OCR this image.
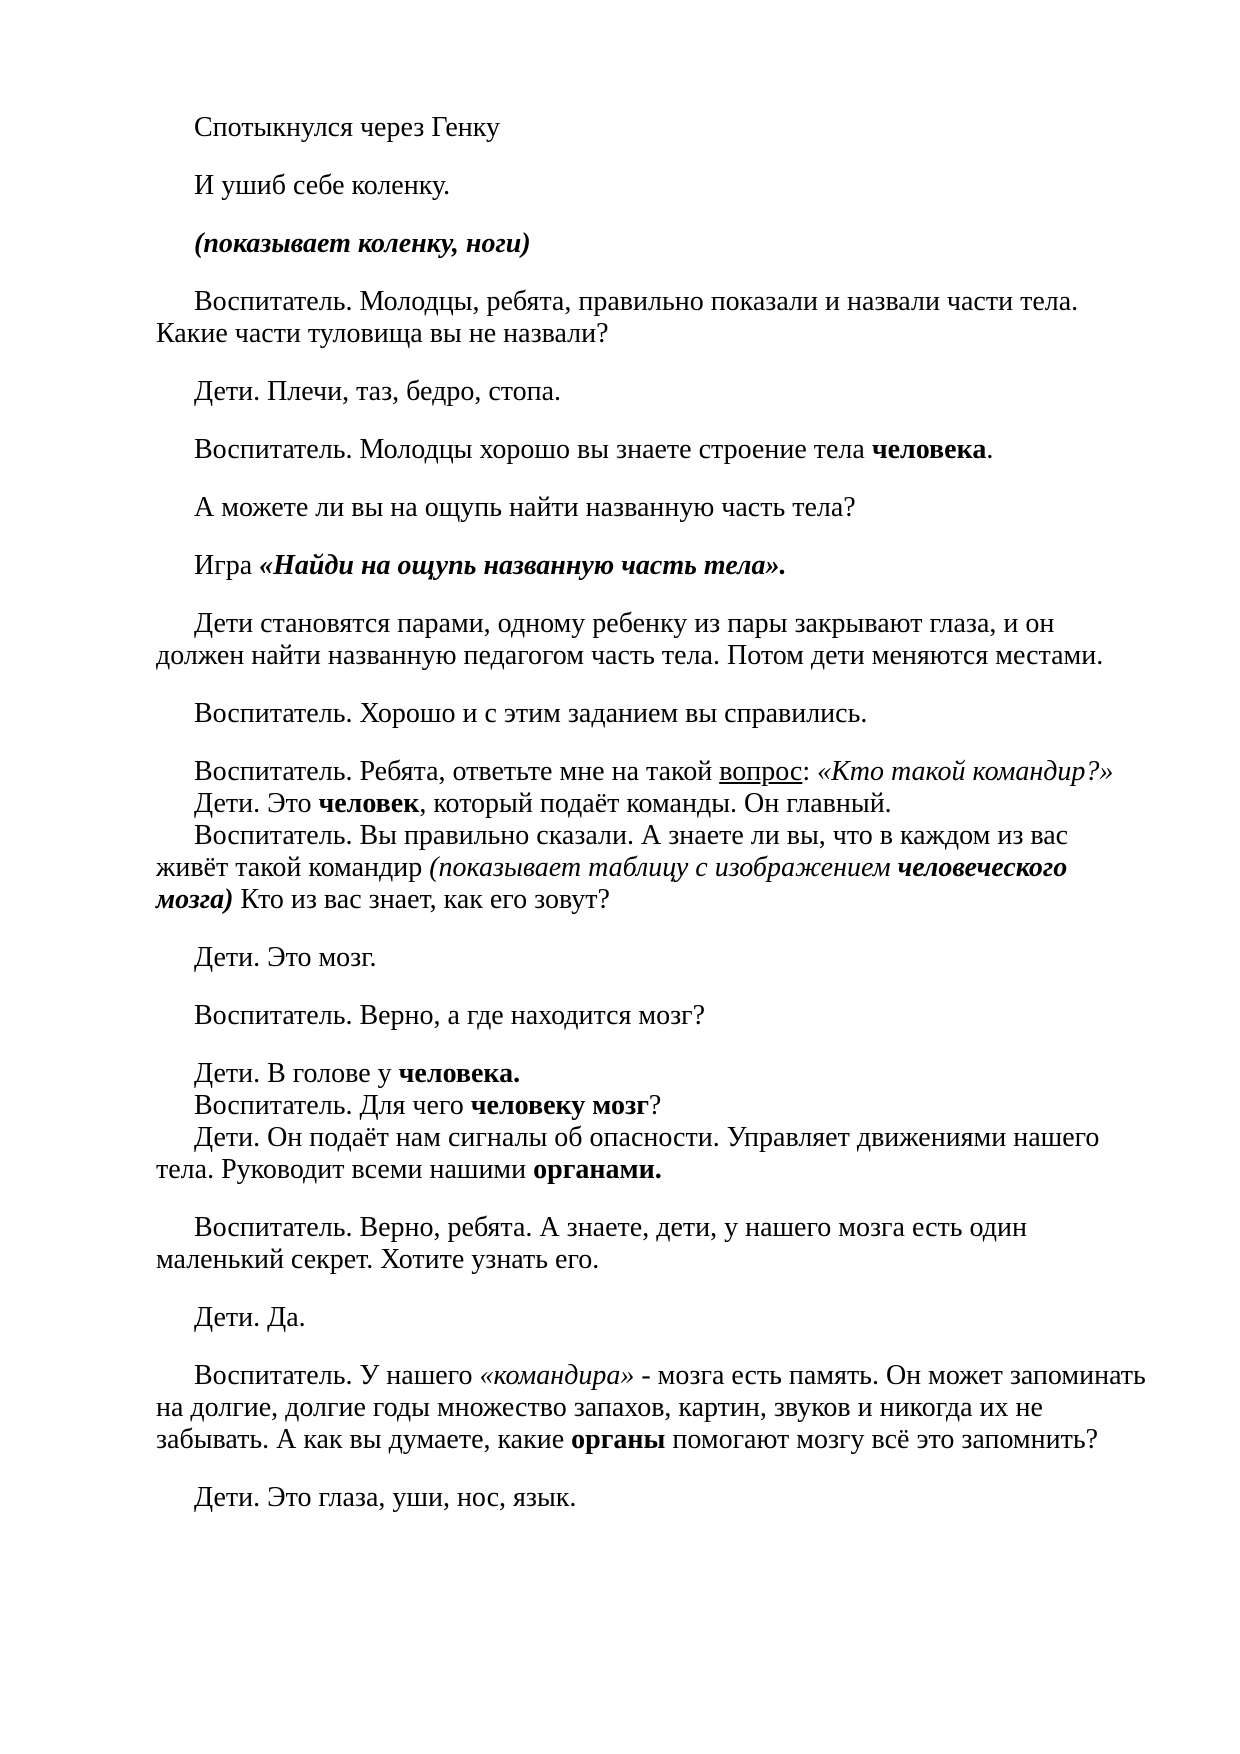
Спотыкнулся через Генку

И ушиб себе коленку.

(показывает коленку, ноги)

Воспитатель. Молодцы, ребята, правильно показали и назвали части тела. Какие части туловища вы не назвали?

Дети. Плечи, таз, бедро, стопа.

Воспитатель. Молодцы хорошо вы знаете строение тела человека.

А можете ли вы на ощупь найти названную часть тела?

Игра «Найди на ощупь названную часть тела».

Дети становятся парами, одному ребенку из пары закрывают глаза, и он должен найти названную педагогом часть тела. Потом дети меняются местами.

Воспитатель. Хорошо и с этим заданием вы справились.

Воспитатель. Ребята, ответьте мне на такой вопрос: «Кто такой командир?»

Дети. Это человек, который подаёт команды. Он главный.

Воспитатель. Вы правильно сказали. А знаете ли вы, что в каждом из вас живёт такой командир (показывает таблицу с изображением человеческого мозга) Кто из вас знает, как его зовут?

Дети. Это мозг.

Воспитатель. Верно, а где находится мозг?

Дети. В голове у человека.

Воспитатель. Для чего человеку мозг?

Дети. Он подаёт нам сигналы об опасности. Управляет движениями нашего тела. Руководит всеми нашими органами.

Воспитатель. Верно, ребята. А знаете, дети, у нашего мозга есть один маленький секрет. Хотите узнать его.

Дети. Да.

Воспитатель. У нашего «командира» - мозга есть память. Он может запоминать на долгие, долгие годы множество запахов, картин, звуков и никогда их не забывать. А как вы думаете, какие органы помогают мозгу всё это запомнить?

Дети. Это глаза, уши, нос, язык.
